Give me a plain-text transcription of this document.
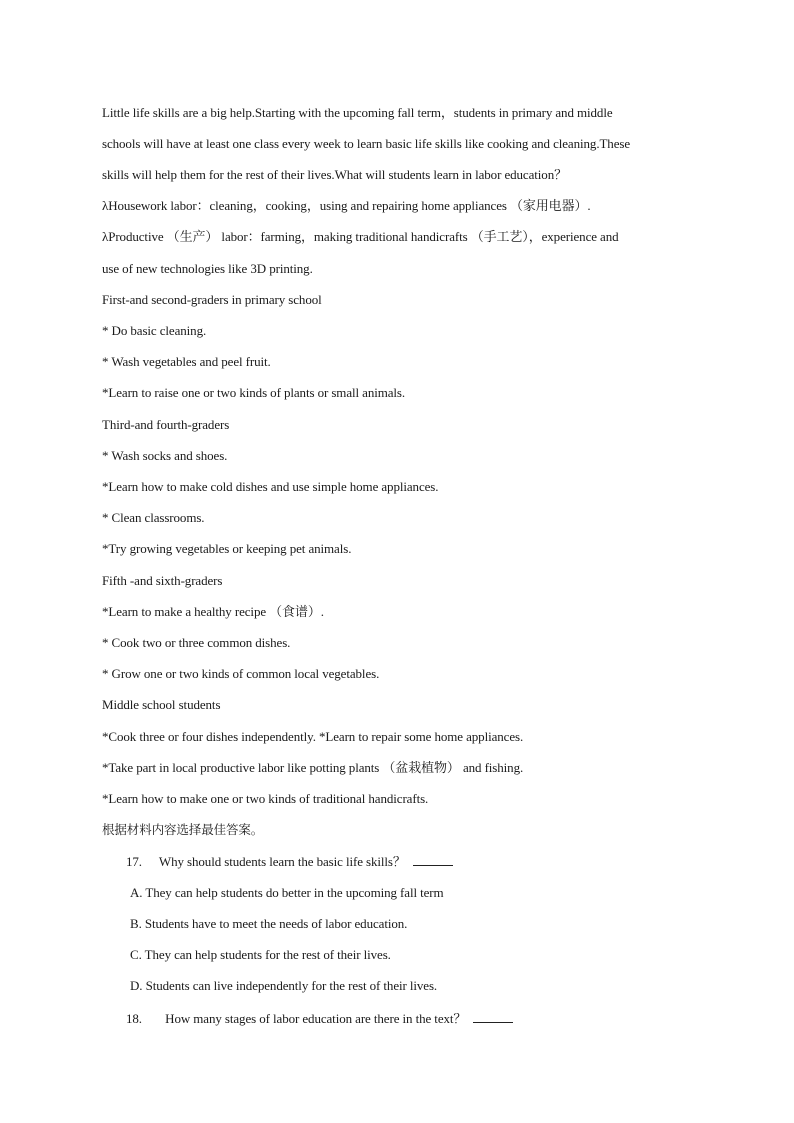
Little life skills are a big help.Starting with the upcoming fall term，students in primary and middle
schools will have at least one class every week to learn basic life skills like cooking and cleaning.These
skills will help them for the rest of their lives.What will students learn in labor education？
λHousework labor：cleaning，cooking，using and repairing home appliances （家用电器）.
λProductive （生产） labor：farming，making traditional handicrafts （手工艺），experience and
use of new technologies like 3D printing.
First-and second-graders in primary school
* Do basic cleaning.
* Wash vegetables and peel fruit.
*Learn to raise one or two kinds of plants or small animals.
Third-and fourth-graders
* Wash socks and shoes.
*Learn how to make cold dishes and use simple home appliances.
* Clean classrooms.
*Try growing vegetables or keeping pet animals.
Fifth -and sixth-graders
*Learn to make a healthy recipe （食谱）.
* Cook two or three common dishes.
* Grow one or two kinds of common local vegetables.
Middle school students
*Cook three or four dishes independently. *Learn to repair some home appliances.
*Take part in local productive labor like potting plants （盆栽植物） and fishing.
*Learn how to make one or two kinds of traditional handicrafts.
根据材料内容选择最佳答案。
17. Why should students learn the basic life skills？
A. They can help students do better in the upcoming fall term
B. Students have to meet the needs of labor education.
C. They can help students for the rest of their lives.
D. Students can live independently for the rest of their lives.
18. How many stages of labor education are there in the text？
